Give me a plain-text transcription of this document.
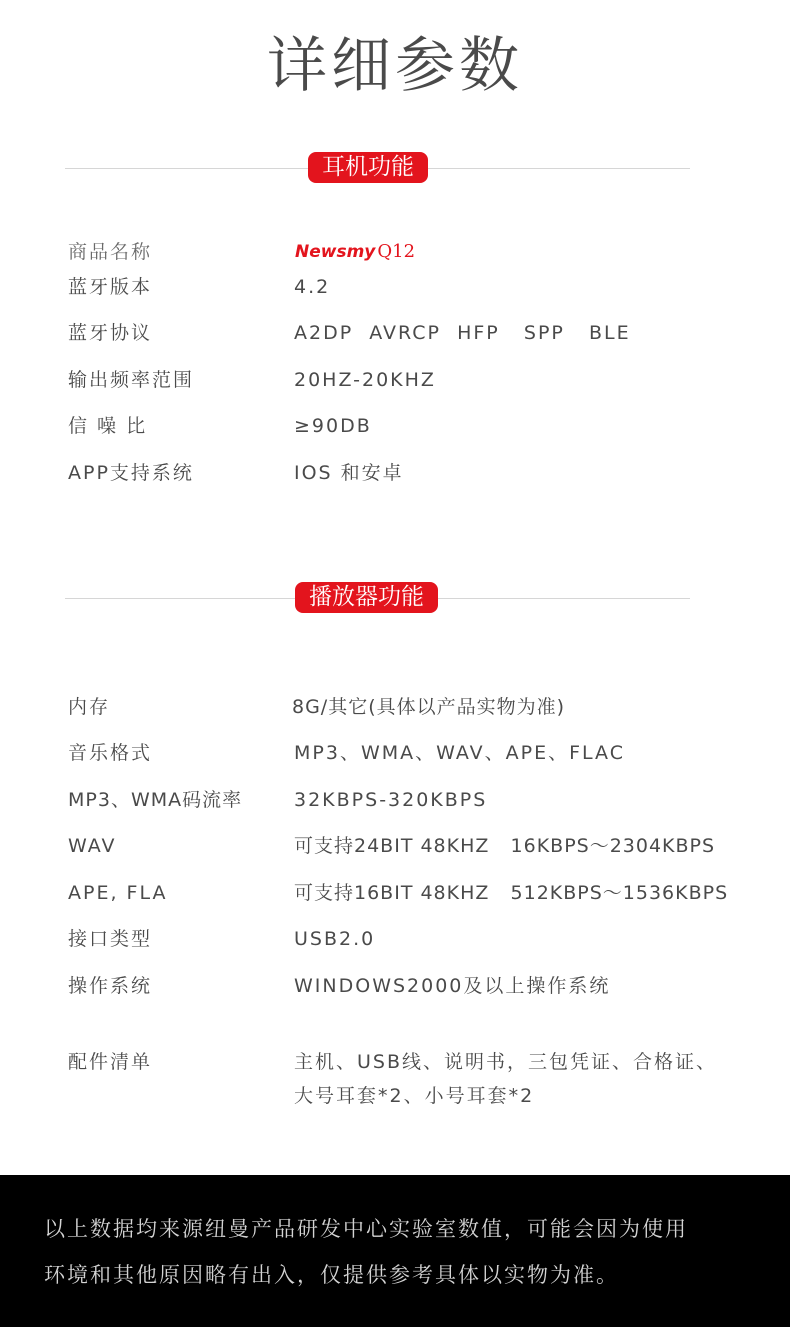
详细参数
耳机功能
商品名称	Newsmy Q12
蓝牙版本	4.2
蓝牙协议	A2DP  AVRCP  HFP   SPP   BLE
输出频率范围	20HZ-20KHZ
信 噪 比	≥90DB
APP支持系统	IOS 和安卓
播放器功能
内存	8G/其它(具体以产品实物为准)
音乐格式	MP3、WMA、WAV、APE、FLAC
MP3、WMA码流率	32KBPS-320KBPS
WAV	可支持24BIT 48KHZ   16KBPS～2304KBPS
APE, FLA	可支持16BIT 48KHZ   512KBPS～1536KBPS
接口类型	USB2.0
操作系统	WINDOWS2000及以上操作系统
配件清单	主机、USB线、说明书，三包凭证、合格证、
大号耳套*2、小号耳套*2
以上数据均来源纽曼产品研发中心实验室数值，可能会因为使用
环境和其他原因略有出入，仅提供参考具体以实物为准。
